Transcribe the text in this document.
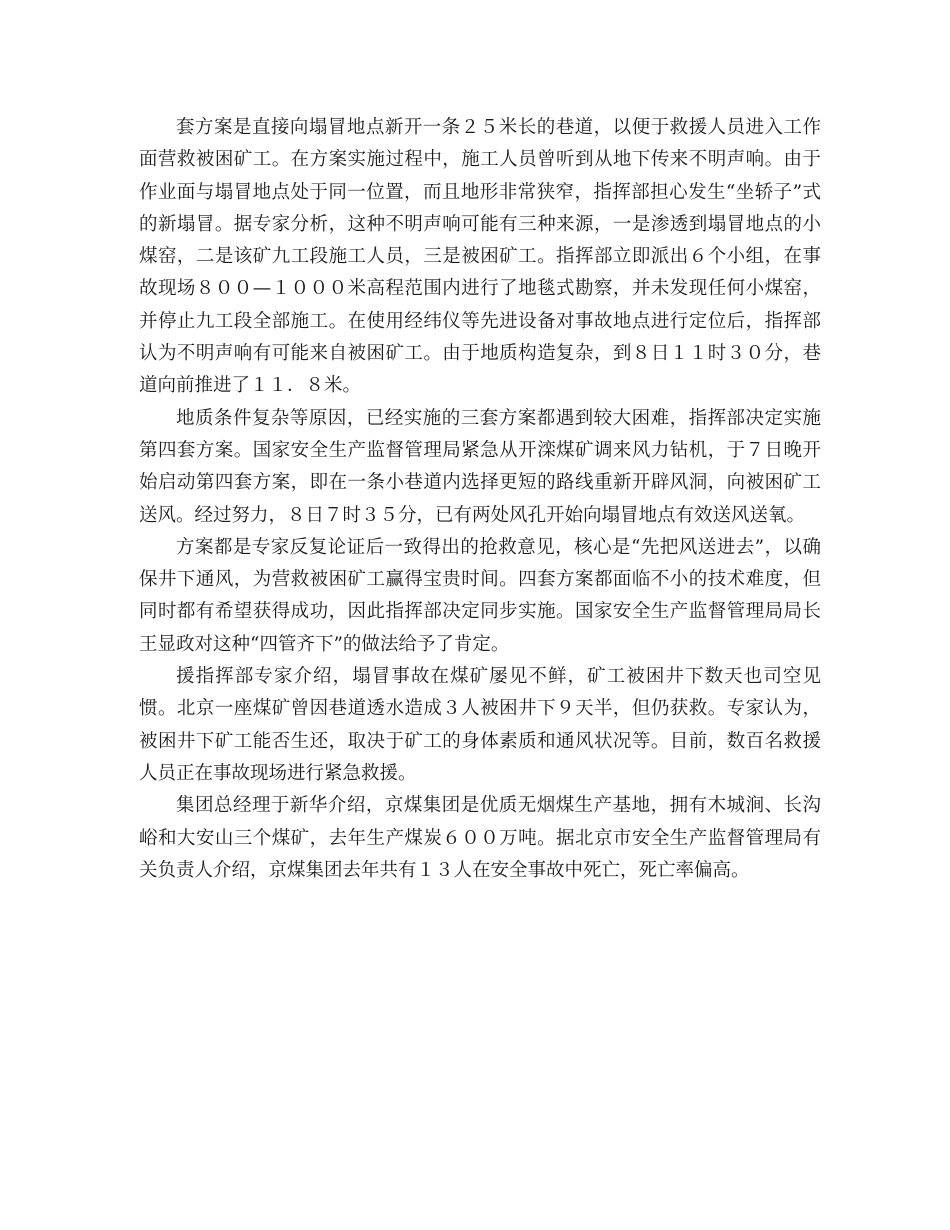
套方案是直接向塌冒地点新开一条２５米长的巷道，以便于救援人员进入工作面营救被困矿工。在方案实施过程中，施工人员曾听到从地下传来不明声响。由于作业面与塌冒地点处于同一位置，而且地形非常狭窄，指挥部担心发生“坐轿子”式的新塌冒。据专家分析，这种不明声响可能有三种来源，一是渗透到塌冒地点的小煤窑，二是该矿九工段施工人员，三是被困矿工。指挥部立即派出６个小组，在事故现场８００—１０００米高程范围内进行了地毯式勘察，并未发现任何小煤窑，并停止九工段全部施工。在使用经纬仪等先进设备对事故地点进行定位后，指挥部认为不明声响有可能来自被困矿工。由于地质构造复杂，到８日１１时３０分，巷道向前推进了１１．８米。

地质条件复杂等原因，已经实施的三套方案都遇到较大困难，指挥部决定实施第四套方案。国家安全生产监督管理局紧急从开滦煤矿调来风力钻机，于７日晚开始启动第四套方案，即在一条小巷道内选择更短的路线重新开辟风洞，向被困矿工送风。经过努力，８日７时３５分，已有两处风孔开始向塌冒地点有效送风送氧。

方案都是专家反复论证后一致得出的抢救意见，核心是“先把风送进去”，以确保井下通风，为营救被困矿工赢得宝贵时间。四套方案都面临不小的技术难度，但同时都有希望获得成功，因此指挥部决定同步实施。国家安全生产监督管理局局长王显政对这种“四管齐下”的做法给予了肯定。

援指挥部专家介绍，塌冒事故在煤矿屡见不鲜，矿工被困井下数天也司空见惯。北京一座煤矿曾因巷道透水造成３人被困井下９天半，但仍获救。专家认为，被困井下矿工能否生还，取决于矿工的身体素质和通风状况等。目前，数百名救援人员正在事故现场进行紧急救援。

集团总经理于新华介绍，京煤集团是优质无烟煤生产基地，拥有木城涧、长沟峪和大安山三个煤矿，去年生产煤炭６００万吨。据北京市安全生产监督管理局有关负责人介绍，京煤集团去年共有１３人在安全事故中死亡，死亡率偏高。
